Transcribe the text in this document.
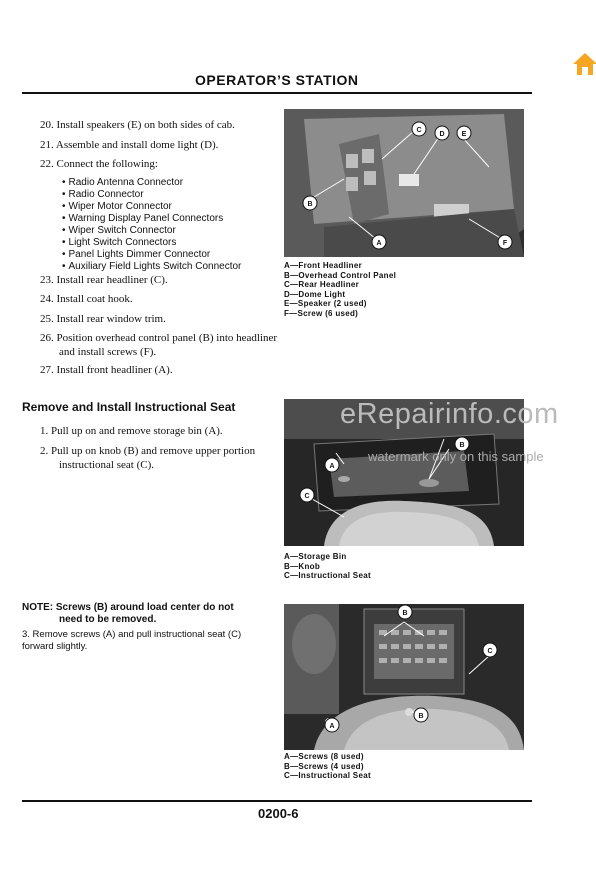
OPERATOR’S STATION
20. Install speakers (E) on both sides of cab.
21. Assemble and install dome light (D).
22. Connect the following:
• Radio Antenna Connector
• Radio Connector
• Wiper Motor Connector
• Warning Display Panel Connectors
• Wiper Switch Connector
• Light Switch Connectors
• Panel Lights Dimmer Connector
• Auxiliary Field Lights Switch Connector
23. Install rear headliner (C).
24. Install coat hook.
25. Install rear window trim.
26. Position overhead control panel (B) into headliner
and install screws (F).
27. Install front headliner (A).
B
C
D E
A	F
A—Front Headliner
B—Overhead Control Panel
C—Rear Headliner
D—Dome Light
E—Speaker (2 used)
F—Screw (6 used)
Remove and Install Instructional Seat
1. Pull up on and remove storage bin (A).
2. Pull up on knob (B) and remove upper portion
instructional seat (C).	A
B
C
A—Storage Bin
B—Knob
C—Instructional Seat
eRepairinfo.com
watermark only on this sample
NOTE: Screws (B) around load center do not
need to be removed.
3. Remove screws (A) and pull instructional seat (C)
forward slightly.
B
B
C
A
A—Screws (8 used)
B—Screws (4 used)
C—Instructional Seat
0200-6
